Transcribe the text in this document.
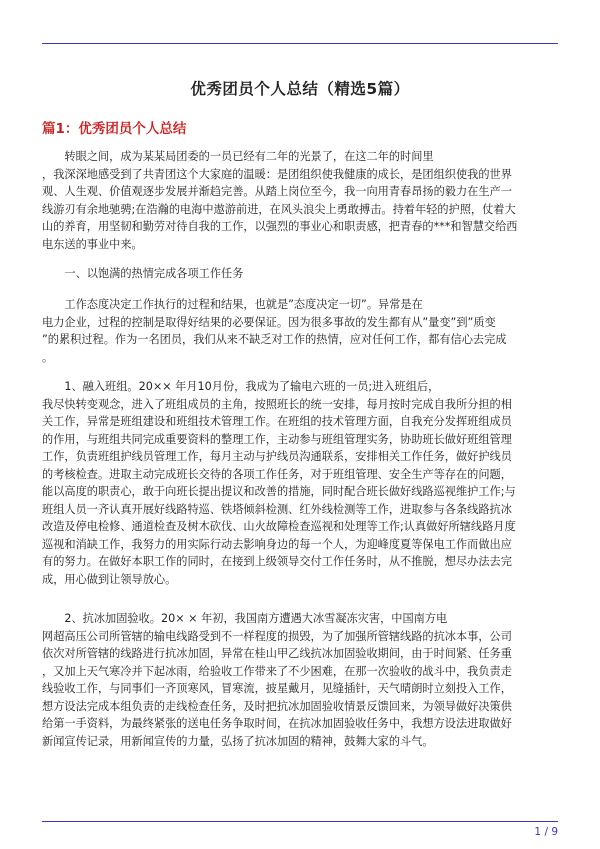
优秀团员个人总结（精选5篇）
篇1：优秀团员个人总结
　　转眼之间，成为某某局团委的一员已经有二年的光景了，在这二年的时间里
，我深深地感受到了共青团这个大家庭的温暖：是团组织使我健康的成长，是团组织使我的世界
观、人生观、价值观逐步发展并渐趋完善。从踏上岗位至今，我一向用青春昂扬的毅力在生产一
线游刃有余地驰骋;在浩瀚的电海中遨游前进，在风头浪尖上勇敢搏击。持着年轻的护照，仗着大
山的养育，用坚韧和勤劳对待自我的工作，以强烈的事业心和职责感，把青春的***和智慧交给西
电东送的事业中来。
　　一、以饱满的热情完成各项工作任务
　　工作态度决定工作执行的过程和结果，也就是”态度决定一切”。异常是在
电力企业，过程的控制是取得好结果的必要保证。因为很多事故的发生都有从”量变”到”质变
”的累积过程。作为一名团员，我们从来不缺乏对工作的热情，应对任何工作，都有信心去完成
。
　　1、融入班组。20×× 年月10月份，我成为了输电六班的一员;进入班组后，
我尽快转变观念，进入了班组成员的主角，按照班长的统一安排，每月按时完成自我所分担的相
关工作，异常是班组建设和班组技术管理工作。在班组的技术管理方面，自我充分发挥班组成员
的作用，与班组共同完成重要资料的整理工作，主动参与班组管理实务，协助班长做好班组管理
工作，负责班组护线员管理工作，每月主动与护线员沟通联系，安排相关工作任务，做好护线员
的考核检查。进取主动完成班长交待的各项工作任务，对于班组管理、安全生产等存在的问题，
能以高度的职责心，敢于向班长提出提议和改善的措施，同时配合班长做好线路巡视维护工作;与
班组人员一齐认真开展好线路特巡、铁塔倾斜检测、红外线检测等工作，进取参与各条线路抗冰
改造及停电检修、通道检查及树木砍伐、山火故障检查巡视和处理等工作;认真做好所辖线路月度
巡视和消缺工作，我努力的用实际行动去影响身边的每一个人，为迎峰度夏等保电工作而做出应
有的努力。在做好本职工作的同时，在接到上级领导交付工作任务时，从不推脱，想尽办法去完
成，用心做到让领导放心。
　　2、抗冰加固验收。20× × 年初，我国南方遭遇大冰雪凝冻灾害，中国南方电
网超高压公司所管辖的输电线路受到不一样程度的损毁，为了加强所管辖线路的抗冰本事，公司
依次对所管辖的线路进行抗冰加固，异常在桂山甲乙线抗冰加固验收期间，由于时间紧、任务重
，又加上天气寒冷并下起冰雨，给验收工作带来了不少困难，在那一次验收的战斗中，我负责走
线验收工作，与同事们一齐顶寒风，冒寒流，披星戴月，见缝插针，天气晴朗时立刻投入工作，
想方设法完成本组负责的走线检查任务，及时把抗冰加固验收情景反馈回来，为领导做好决策供
给第一手资料，为最终紧张的送电任务争取时间，在抗冰加固验收任务中，我想方设法进取做好
新闻宣传记录，用新闻宣传的力量，弘扬了抗冰加固的精神，鼓舞大家的斗气。
1 / 9
